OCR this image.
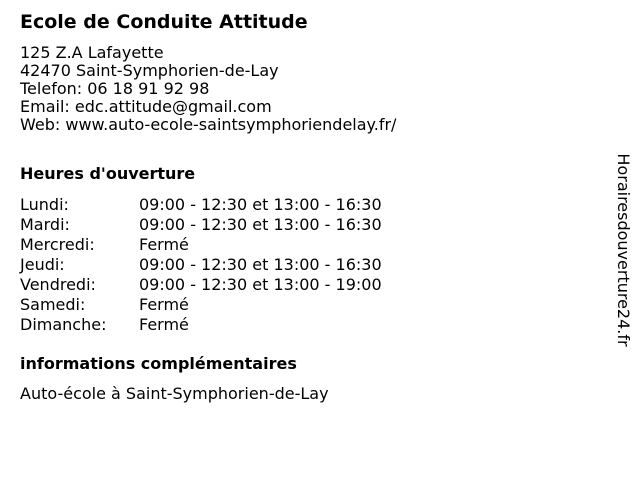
Ecole de Conduite Attitude
125 Z.A Lafayette
42470 Saint-Symphorien-de-Lay
Telefon: 06 18 91 92 98
Email: edc.attitude@gmail.com
Web: www.auto-ecole-saintsymphoriendelay.fr/
Heures d'ouverture
Lundi:	09:00 - 12:30 et 13:00 - 16:30
Mardi:	09:00 - 12:30 et 13:00 - 16:30
Mercredi:	Fermé
Jeudi:	09:00 - 12:30 et 13:00 - 16:30
Vendredi:	09:00 - 12:30 et 13:00 - 19:00
Samedi:	Fermé
Dimanche: Fermé
informations complémentaires
Auto-école à Saint-Symphorien-de-Lay
Horairesdouverture24.fr
